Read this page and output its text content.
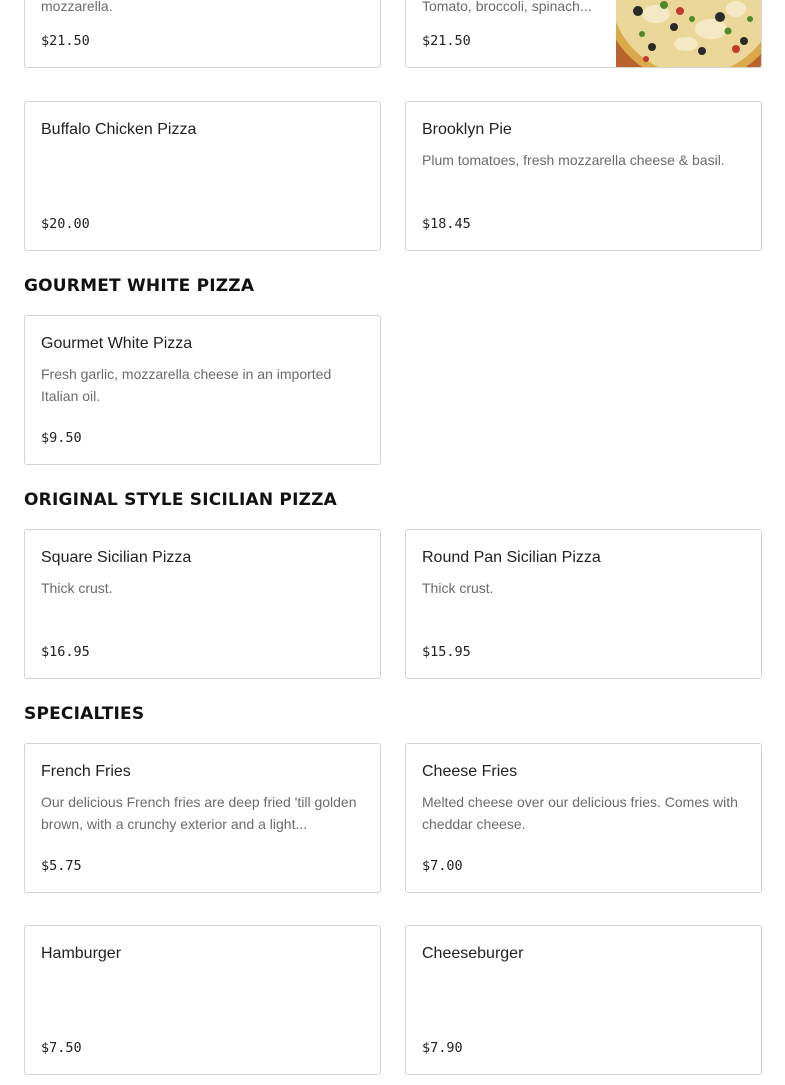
mozzarella.
$21.50
Tomato, broccoli, spinach...
$21.50
Buffalo Chicken Pizza
$20.00
Brooklyn Pie
Plum tomatoes, fresh mozzarella cheese & basil.
$18.45
GOURMET WHITE PIZZA
Gourmet White Pizza
Fresh garlic, mozzarella cheese in an imported Italian oil.
$9.50
ORIGINAL STYLE SICILIAN PIZZA
Square Sicilian Pizza
Thick crust.
$16.95
Round Pan Sicilian Pizza
Thick crust.
$15.95
SPECIALTIES
French Fries
Our delicious French fries are deep fried 'till golden brown, with a crunchy exterior and a light...
$5.75
Cheese Fries
Melted cheese over our delicious fries. Comes with cheddar cheese.
$7.00
Hamburger
$7.50
Cheeseburger
$7.90
